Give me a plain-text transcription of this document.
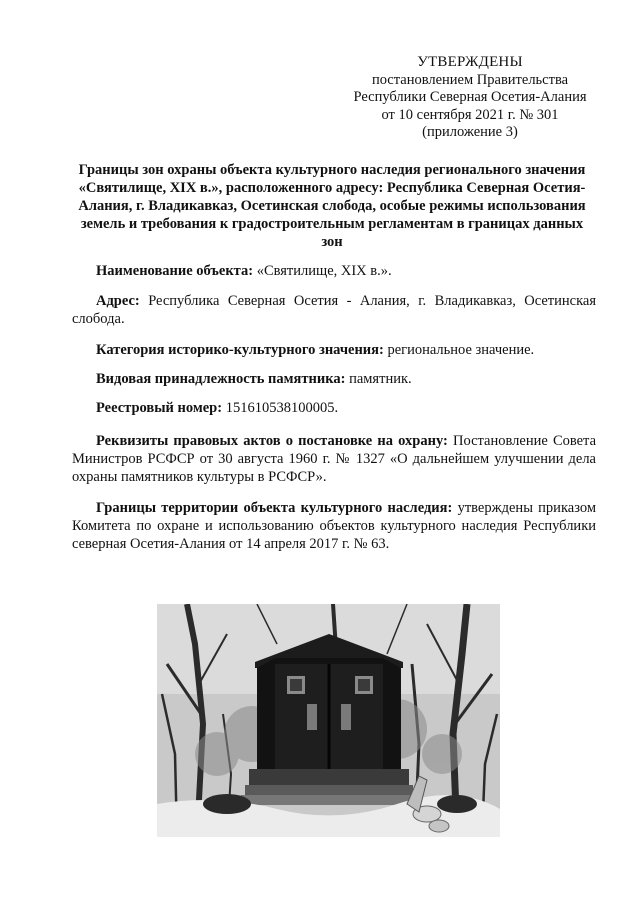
УТВЕРЖДЕНЫ
постановлением Правительства
Республики Северная Осетия-Алания
от 10 сентября 2021 г. № 301
(приложение 3)
Границы зон охраны объекта культурного наследия регионального значения «Святилище, XIX в.», расположенного адресу: Республика Северная Осетия-Алания, г. Владикавказ, Осетинская слобода, особые режимы использования земель и требования к градостроительным регламентам в границах данных зон
Наименование объекта: «Святилище, XIX в.».
Адрес: Республика Северная Осетия - Алания, г. Владикавказ, Осетинская слобода.
Категория историко-культурного значения: региональное значение.
Видовая принадлежность памятника: памятник.
Реестровый номер: 151610538100005.
Реквизиты правовых актов о постановке на охрану: Постановление Совета Министров РСФСР от 30 августа 1960 г. № 1327 «О дальнейшем улучшении дела охраны памятников культуры в РСФСР».
Границы территории объекта культурного наследия: утверждены приказом Комитета по охране и использованию объектов культурного наследия Республики северная Осетия-Алания от 14 апреля 2017 г. № 63.
